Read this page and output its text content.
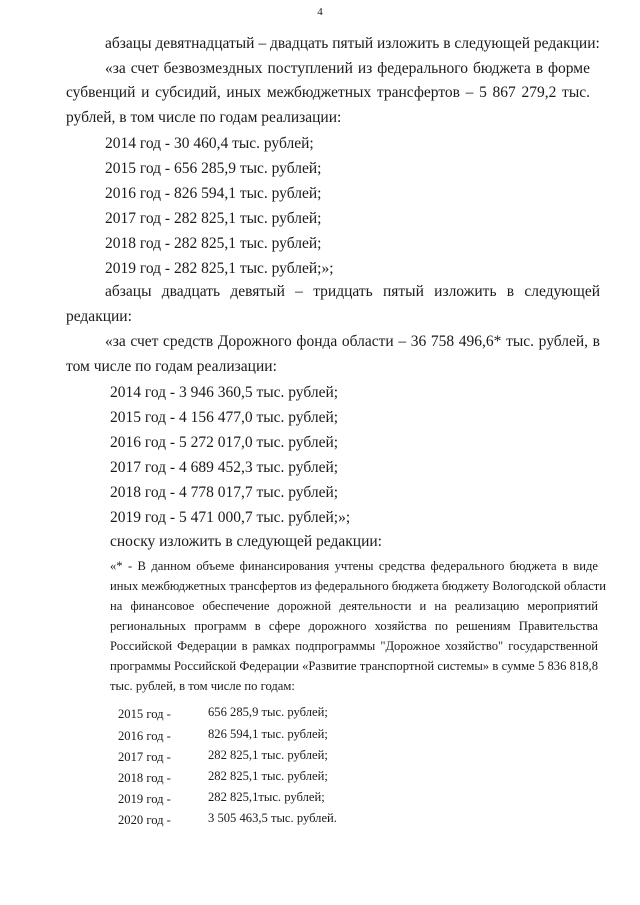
4
абзацы девятнадцатый – двадцать пятый изложить в следующей редакции:
«за счет безвозмездных поступлений из федерального бюджета в форме
субвенций и субсидий, иных межбюджетных трансфертов – 5 867 279,2 тыс.
рублей, в том числе по годам реализации:
2014 год - 30 460,4 тыс. рублей;
2015 год - 656 285,9 тыс. рублей;
2016 год - 826 594,1 тыс. рублей;
2017 год - 282 825,1 тыс. рублей;
2018 год - 282 825,1 тыс. рублей;
2019 год - 282 825,1 тыс. рублей;»;
абзацы двадцать девятый – тридцать пятый изложить в следующей
редакции:
«за счет средств Дорожного фонда области – 36 758 496,6* тыс. рублей, в
том числе по годам реализации:
2014 год - 3 946 360,5 тыс. рублей;
2015 год - 4 156 477,0 тыс. рублей;
2016 год - 5 272 017,0 тыс. рублей;
2017 год - 4 689 452,3 тыс. рублей;
2018 год - 4 778 017,7 тыс. рублей;
2019 год - 5 471 000,7 тыс. рублей;»;
сноску изложить в следующей редакции:
«* - В данном объеме финансирования учтены средства федерального бюджета в виде
иных межбюджетных трансфертов из федерального бюджета бюджету Вологодской области
на финансовое обеспечение дорожной деятельности и на реализацию мероприятий
региональных программ в сфере дорожного хозяйства по решениям Правительства
Российской Федерации в рамках подпрограммы "Дорожное хозяйство" государственной
программы Российской Федерации «Развитие транспортной системы» в сумме 5 836 818,8
тыс. рублей, в том числе по годам:
2015 год -	656 285,9 тыс. рублей;
2016 год -	826 594,1 тыс. рублей;
2017 год -	282 825,1 тыс. рублей;
2018 год -	282 825,1 тыс. рублей;
2019 год -	282 825,1тыс. рублей;
2020 год -	3 505 463,5 тыс. рублей.
